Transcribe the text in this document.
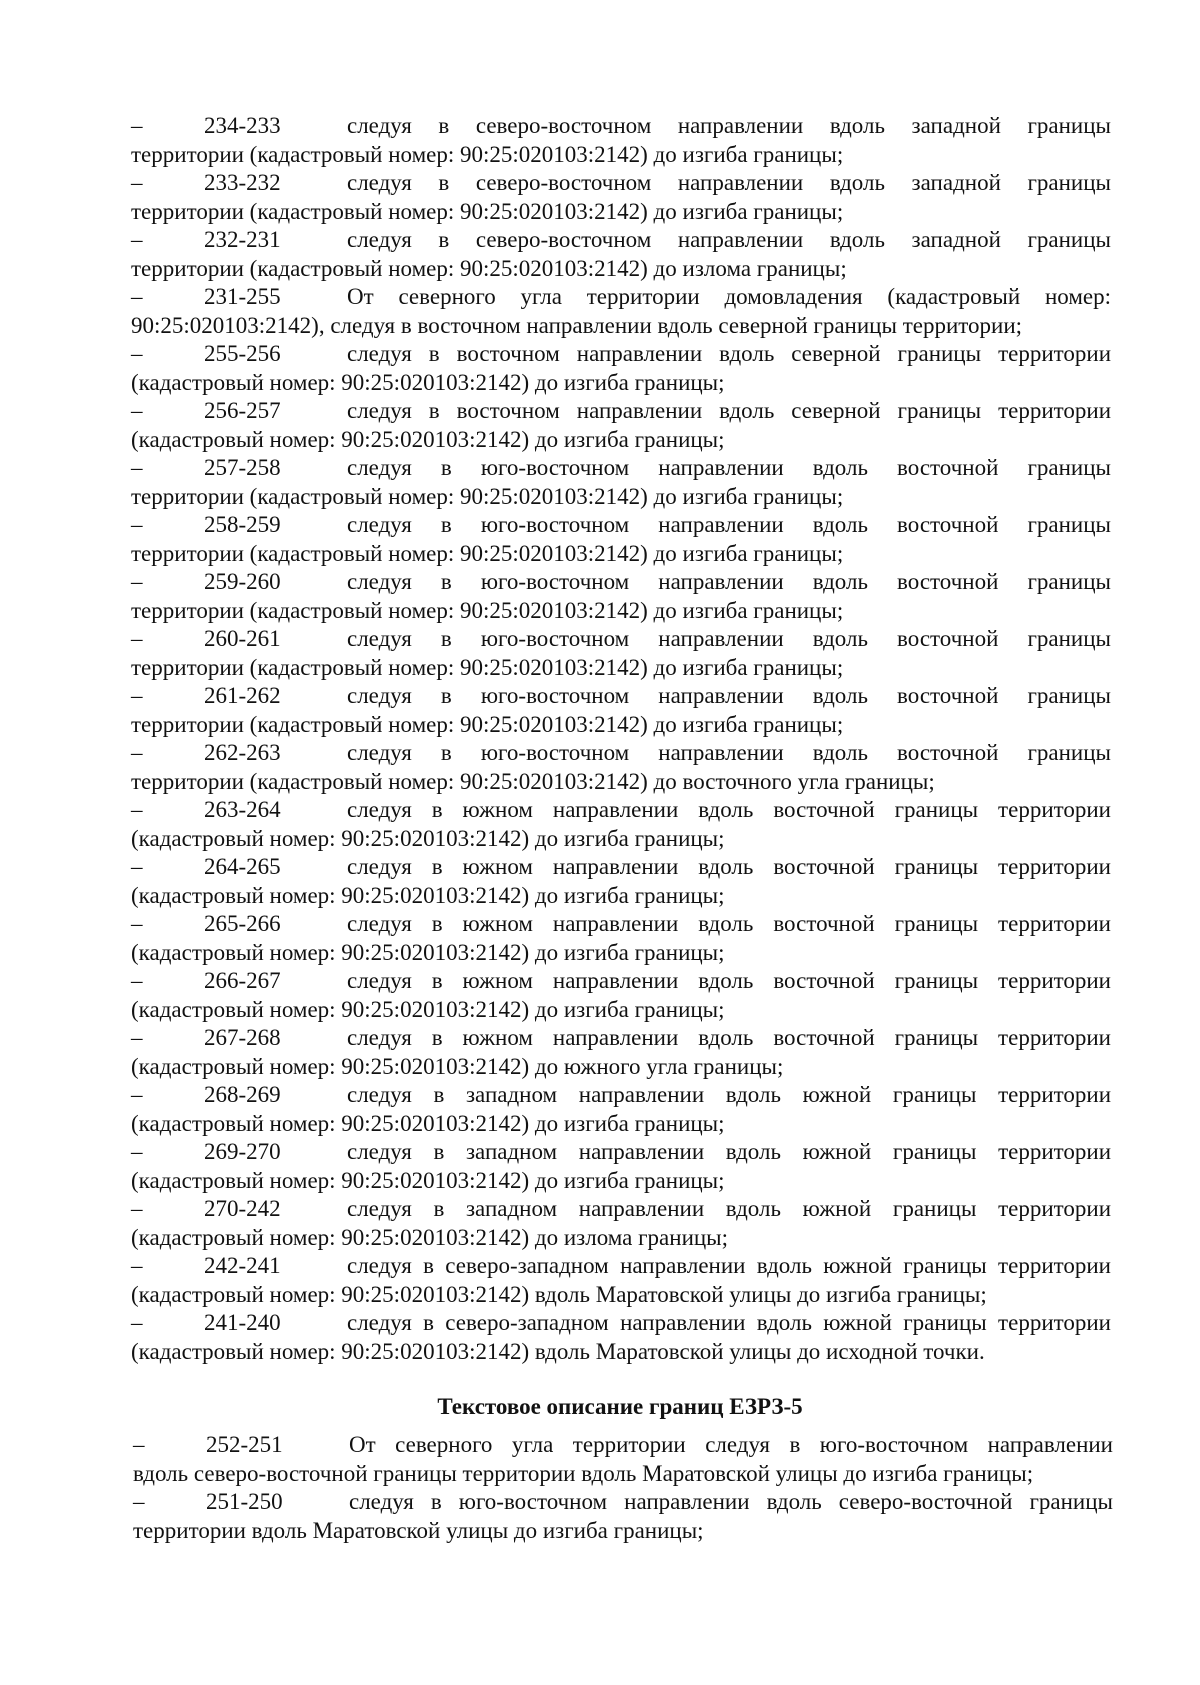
–	234-233	следуя в северо-восточном направлении вдоль западной границы
территории (кадастровый номер: 90:25:020103:2142) до изгиба границы;
–	233-232	следуя в северо-восточном направлении вдоль западной границы
территории (кадастровый номер: 90:25:020103:2142) до изгиба границы;
–	232-231	следуя в северо-восточном направлении вдоль западной границы
территории (кадастровый номер: 90:25:020103:2142) до излома границы;
–	231-255	От северного угла территории домовладения (кадастровый номер:
90:25:020103:2142), следуя в восточном направлении вдоль северной границы территории;
–	255-256	следуя в восточном направлении вдоль северной границы территории
(кадастровый номер: 90:25:020103:2142) до изгиба границы;
–	256-257	следуя в восточном направлении вдоль северной границы территории
(кадастровый номер: 90:25:020103:2142) до изгиба границы;
–	257-258	следуя в юго-восточном направлении вдоль восточной границы
территории (кадастровый номер: 90:25:020103:2142) до изгиба границы;
–	258-259	следуя в юго-восточном направлении вдоль восточной границы
территории (кадастровый номер: 90:25:020103:2142) до изгиба границы;
–	259-260	следуя в юго-восточном направлении вдоль восточной границы
территории (кадастровый номер: 90:25:020103:2142) до изгиба границы;
–	260-261	следуя в юго-восточном направлении вдоль восточной границы
территории (кадастровый номер: 90:25:020103:2142) до изгиба границы;
–	261-262	следуя в юго-восточном направлении вдоль восточной границы
территории (кадастровый номер: 90:25:020103:2142) до изгиба границы;
–	262-263	следуя в юго-восточном направлении вдоль восточной границы
территории (кадастровый номер: 90:25:020103:2142) до восточного угла границы;
–	263-264	следуя в южном направлении вдоль восточной границы территории
(кадастровый номер: 90:25:020103:2142) до изгиба границы;
–	264-265	следуя в южном направлении вдоль восточной границы территории
(кадастровый номер: 90:25:020103:2142) до изгиба границы;
–	265-266	следуя в южном направлении вдоль восточной границы территории
(кадастровый номер: 90:25:020103:2142) до изгиба границы;
–	266-267	следуя в южном направлении вдоль восточной границы территории
(кадастровый номер: 90:25:020103:2142) до изгиба границы;
–	267-268	следуя в южном направлении вдоль восточной границы территории
(кадастровый номер: 90:25:020103:2142) до южного угла границы;
–	268-269	следуя в западном направлении вдоль южной границы территории
(кадастровый номер: 90:25:020103:2142) до изгиба границы;
–	269-270	следуя в западном направлении вдоль южной границы территории
(кадастровый номер: 90:25:020103:2142) до изгиба границы;
–	270-242	следуя в западном направлении вдоль южной границы территории
(кадастровый номер: 90:25:020103:2142) до излома границы;
–	242-241	следуя в северо-западном направлении вдоль южной границы территории
(кадастровый номер: 90:25:020103:2142) вдоль Маратовской улицы до изгиба границы;
–	241-240	следуя в северо-западном направлении вдоль южной границы территории
(кадастровый номер: 90:25:020103:2142) вдоль Маратовской улицы до исходной точки.
Текстовое описание границ ЕЗРЗ-5
–	252-251	От северного угла территории следуя в юго-восточном направлении
вдоль северо-восточной границы территории вдоль Маратовской улицы до изгиба границы;
–	251-250	следуя в юго-восточном направлении вдоль северо-восточной границы
территории вдоль Маратовской улицы до изгиба границы;
